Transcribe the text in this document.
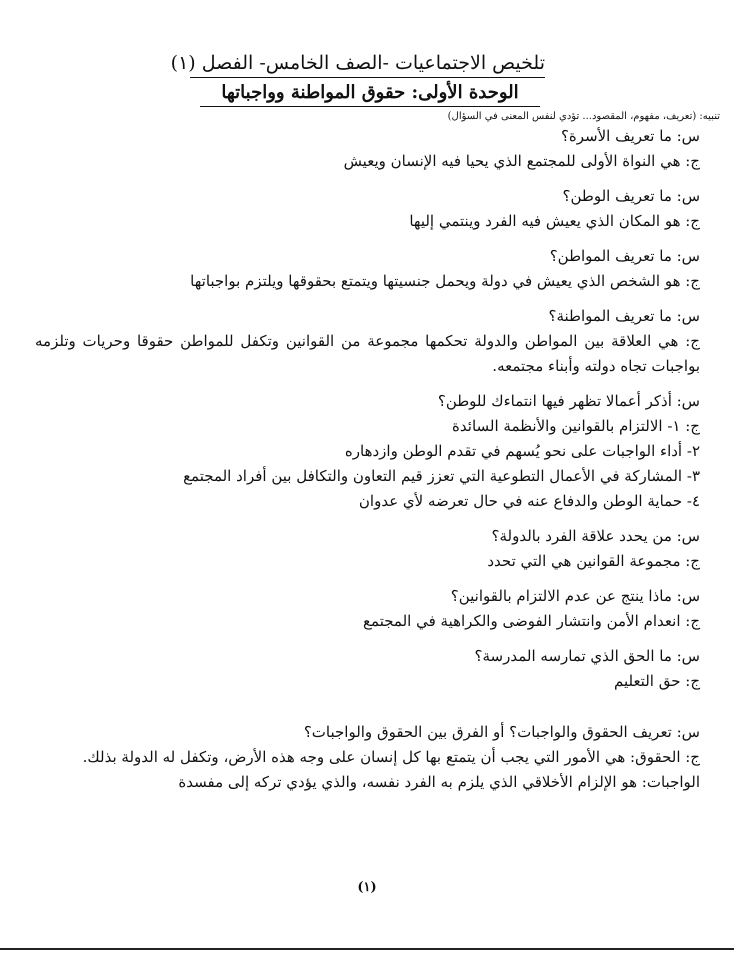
تلخيص الاجتماعيات -الصف الخامس- الفصل (١)
الوحدة الأولى: حقوق المواطنة وواجباتها
تنبيه: (تعريف، مفهوم، المقصود... تؤدي لنفس المعنى في السؤال)
س: ما تعريف الأسرة؟
ج: هي النواة الأولى للمجتمع الذي يحيا فيه الإنسان ويعيش
س: ما تعريف الوطن؟
ج: هو المكان الذي يعيش فيه الفرد وينتمي إليها
س: ما تعريف المواطن؟
ج: هو الشخص الذي يعيش في دولة ويحمل جنسيتها ويتمتع بحقوقها ويلتزم بواجباتها
س: ما تعريف المواطنة؟
ج: هي العلاقة بين المواطن والدولة تحكمها مجموعة من القوانين وتكفل للمواطن حقوقا وحريات وتلزمه بواجبات تجاه دولته وأبناء مجتمعه.
س: أذكر أعمالا تظهر فيها انتماءك للوطن؟
ج: ١- الالتزام بالقوانين والأنظمة السائدة
٢- أداء الواجبات على نحو يُسهم في تقدم الوطن وازدهاره
٣- المشاركة في الأعمال التطوعية التي تعزز قيم التعاون والتكافل بين أفراد المجتمع
٤- حماية الوطن والدفاع عنه في حال تعرضه لأي عدوان
س: من يحدد علاقة الفرد بالدولة؟
ج: مجموعة القوانين هي التي تحدد
س: ماذا ينتج عن عدم الالتزام بالقوانين؟
ج: انعدام الأمن وانتشار الفوضى والكراهية في المجتمع
س: ما الحق الذي تمارسه المدرسة؟
ج: حق التعليم
س: تعريف الحقوق والواجبات؟ أو الفرق بين الحقوق والواجبات؟
ج: الحقوق: هي الأمور التي يجب أن يتمتع بها كل إنسان على وجه هذه الأرض، وتكفل له الدولة بذلك.
الواجبات: هو الإلزام الأخلاقي الذي يلزم به الفرد نفسه، والذي يؤدي تركه إلى مفسدة
(١)
